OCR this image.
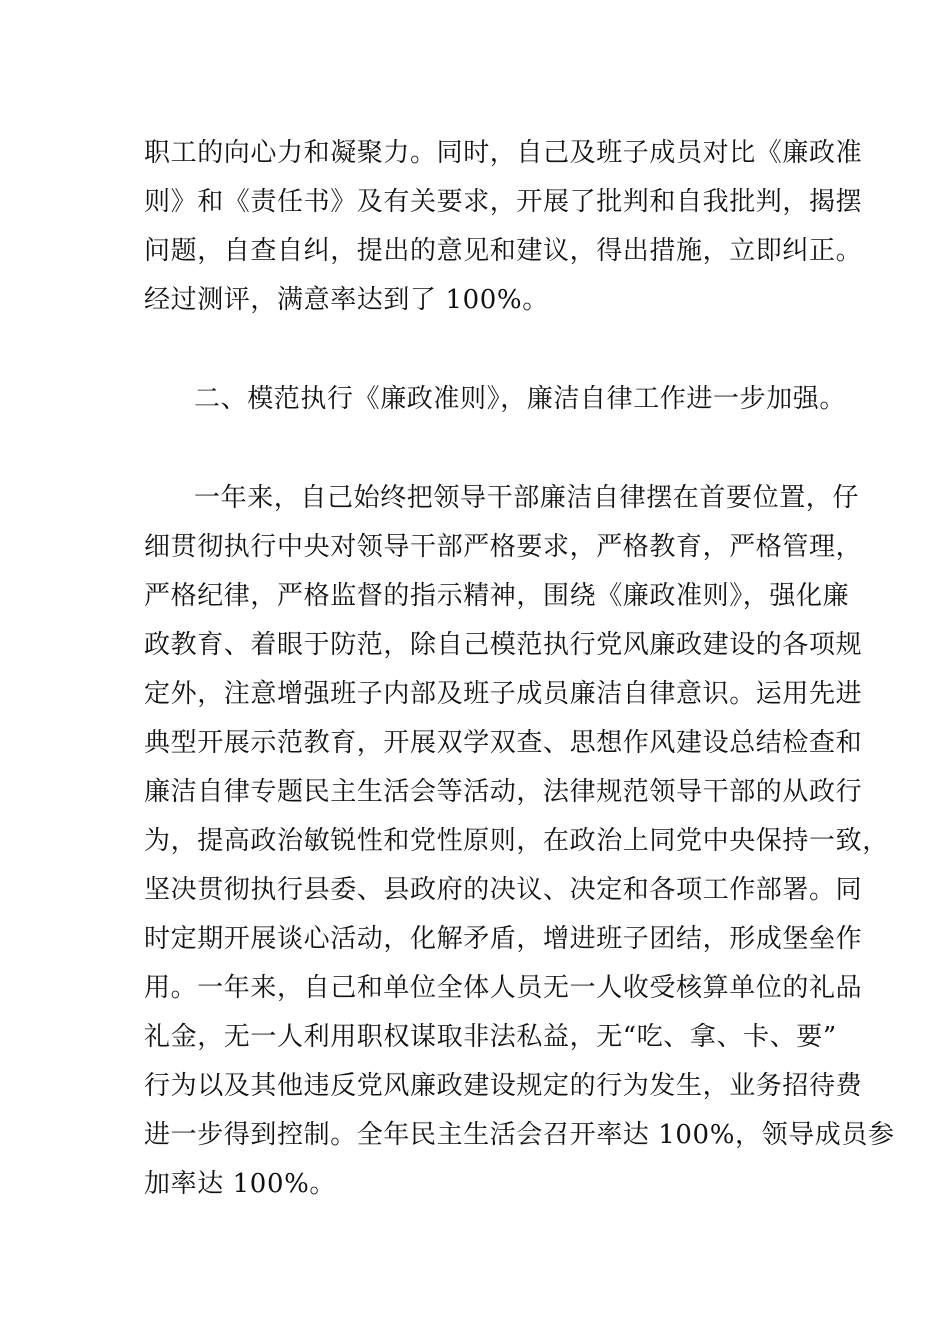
职工的向心力和凝聚力。同时，自己及班子成员对比《廉政准
则》和《责任书》及有关要求，开展了批判和自我批判，揭摆
问题，自查自纠，提出的意见和建议，得出措施，立即纠正。
经过测评，满意率达到了 100%。
二、模范执行《廉政准则》，廉洁自律工作进一步加强。
一年来，自己始终把领导干部廉洁自律摆在首要位置，仔
细贯彻执行中央对领导干部严格要求，严格教育，严格管理，
严格纪律，严格监督的指示精神，围绕《廉政准则》，强化廉
政教育、着眼于防范，除自己模范执行党风廉政建设的各项规
定外，注意增强班子内部及班子成员廉洁自律意识。运用先进
典型开展示范教育，开展双学双查、思想作风建设总结检查和
廉洁自律专题民主生活会等活动，法律规范领导干部的从政行
为，提高政治敏锐性和党性原则，在政治上同党中央保持一致，
坚决贯彻执行县委、县政府的决议、决定和各项工作部署。同
时定期开展谈心活动，化解矛盾，增进班子团结，形成堡垒作
用。一年来，自己和单位全体人员无一人收受核算单位的礼品
礼金，无一人利用职权谋取非法私益，无“吃、拿、卡、要”
行为以及其他违反党风廉政建设规定的行为发生，业务招待费
进一步得到控制。全年民主生活会召开率达 100%，领导成员参
加率达 100%。
